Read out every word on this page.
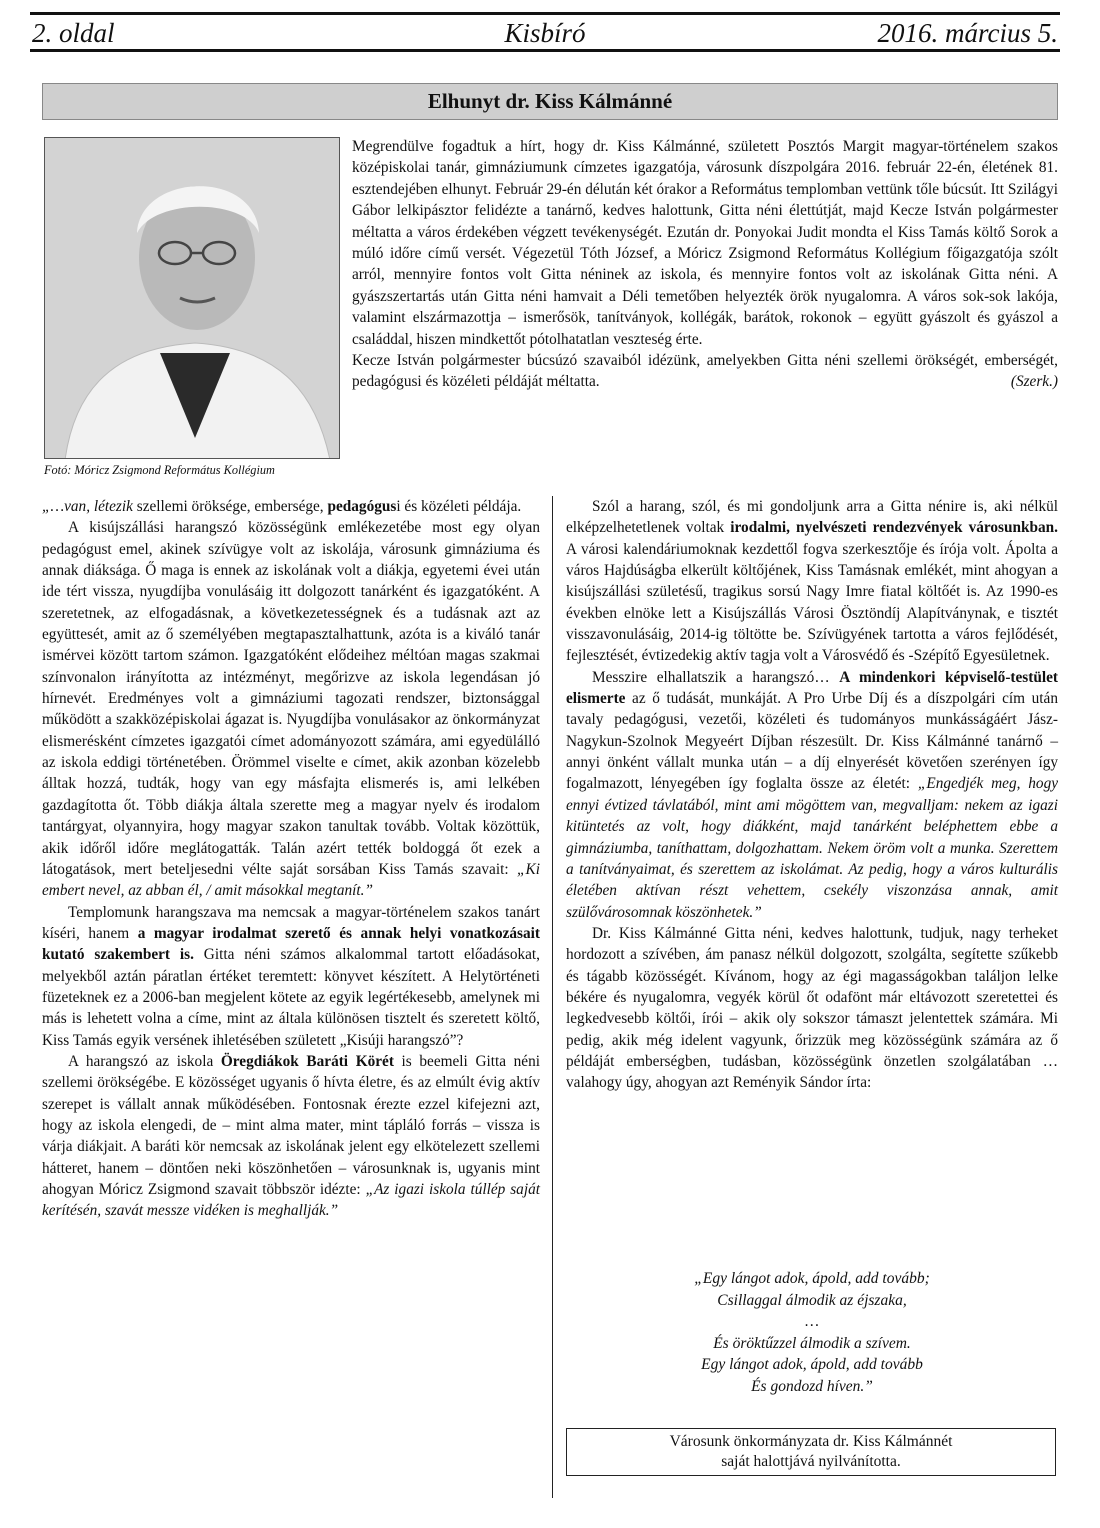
2. oldal	Kisbíró	2016. március 5.
Elhunyt dr. Kiss Kálmánné
Fotó: Móricz Zsigmond Református Kollégium

Megrendülve fogadtuk a hírt, hogy dr. Kiss Kálmánné, született Posztós Margit magyar-történelem szakos középiskolai tanár, gimnáziumunk címzetes igazgatója, városunk díszpolgára 2016. február 22-én, életének 81. esztendejében elhunyt. Február 29-én délután két órakor a Református templomban vettünk tőle búcsút. Itt Szilágyi Gábor lelkipásztor felidézte a tanárnő, kedves halottunk, Gitta néni élettútját, majd Kecze István polgármester méltatta a város érdekében végzett tevékenységét. Ezután dr. Ponyokai Judit mondta el Kiss Tamás költő Sorok a múló időre című versét. Végezetül Tóth József, a Móricz Zsigmond Református Kollégium főigazgatója szólt arról, mennyire fontos volt Gitta néninek az iskola, és mennyire fontos volt az iskolának Gitta néni. A gyászszertartás után Gitta néni hamvait a Déli temetőben helyezték örök nyugalomra. A város sok-sok lakója, valamint elszármazottja – ismerősök, tanítványok, kollégák, barátok, rokonok – együtt gyászolt és gyászol a családdal, hiszen mindkettőt pótolhatatlan veszteség érte.

Kecze István polgármester búcsúzó szavaiból idézünk, amelyekben Gitta néni szellemi örökségét, emberségét, pedagógusi és közéleti példáját méltatta.	(Szerk.)

„…van, létezik szellemi öröksége, embersége, pedagógusi és közéleti példája.

A kisújszállási harangszó közösségünk emlékezetébe most egy olyan pedagógust emel, akinek szívügye volt az iskolája, városunk gimnáziuma és annak diáksága. Ő maga is ennek az iskolának volt a diákja, egyetemi évei után ide tért vissza, nyugdíjba vonulásáig itt dolgozott tanárként és igazgatóként. A szeretetnek, az elfogadásnak, a következetességnek és a tudásnak azt az együttesét, amit az ő személyében megtapasztalhattunk, azóta is a kiváló tanár ismérvei között tartom számon. Igazgatóként elődeihez méltóan magas szakmai színvonalon irányította az intézményt, megőrizve az iskola legendásan jó hírnevét. Eredményes volt a gimnáziumi tagozati rendszer, biztonsággal működött a szakközépiskolai ágazat is. Nyugdíjba vonulásakor az önkormányzat elismerésként címzetes igazgatói címet adományozott számára, ami egyedülálló az iskola eddigi történetében. Örömmel viselte e címet, akik azonban közelebb álltak hozzá, tudták, hogy van egy másfajta elismerés is, ami lelkében gazdagította őt. Több diákja általa szerette meg a magyar nyelv és irodalom tantárgyat, olyannyira, hogy magyar szakon tanultak tovább. Voltak közöttük, akik időről időre meglátogatták. Talán azért tették boldoggá őt ezek a látogatások, mert beteljesedni vélte saját sorsában Kiss Tamás szavait: „Ki embert nevel, az abban él, / amit másokkal megtanít.”

Templomunk harangszava ma nemcsak a magyar-történelem szakos tanárt kíséri, hanem a magyar irodalmat szerető és annak helyi vonatkozásait kutató szakembert is. Gitta néni számos alkalommal tartott előadásokat, melyekből aztán páratlan értéket teremtett: könyvet készített. A Helytörténeti füzeteknek ez a 2006-ban megjelent kötete az egyik legértékesebb, amelynek mi más is lehetett volna a címe, mint az általa különösen tisztelt és szeretett költő, Kiss Tamás egyik versének ihletésében született „Kisúji harangszó”?

A harangszó az iskola Öregdiákok Baráti Körét is beemeli Gitta néni szellemi örökségébe. E közösséget ugyanis ő hívta életre, és az elmúlt évig aktív szerepet is vállalt annak működésében. Fontosnak érezte ezzel kifejezni azt, hogy az iskola elengedi, de – mint alma mater, mint tápláló forrás – vissza is várja diákjait. A baráti kör nemcsak az iskolának jelent egy elkötelezett szellemi hátteret, hanem – döntően neki köszönhetően – városunknak is, ugyanis mint ahogyan Móricz Zsigmond szavait többször idézte: „Az igazi iskola túllép saját kerítésén, szavát messze vidéken is meghallják.”

Szól a harang, szól, és mi gondoljunk arra a Gitta nénire is, aki nélkül elképzelhetetlenek voltak irodalmi, nyelvészeti rendezvények városunkban. A városi kalendáriumoknak kezdettől fogva szerkesztője és írója volt. Ápolta a város Hajdúságba elkerült költőjének, Kiss Tamásnak emlékét, mint ahogyan a kisújszállási születésű, tragikus sorsú Nagy Imre fiatal költőét is. Az 1990-es években elnöke lett a Kisújszállás Városi Ösztöndíj Alapítványnak, e tisztét visszavonulásáig, 2014-ig töltötte be. Szívügyének tartotta a város fejlődését, fejlesztését, évtizedekig aktív tagja volt a Városvédő és -Szépítő Egyesületnek.

Messzire elhallatszik a harangszó… A mindenkori képviselő-testület elismerte az ő tudását, munkáját. A Pro Urbe Díj és a díszpolgári cím után tavaly pedagógusi, vezetői, közéleti és tudományos munkásságáért Jász-Nagykun-Szolnok Megyeért Díjban részesült. Dr. Kiss Kálmánné tanárnő – annyi önként vállalt munka után – a díj elnyerését követően szerényen így fogalmazott, lényegében így foglalta össze az életét: „Engedjék meg, hogy ennyi évtized távlatából, mint ami mögöttem van, megvalljam: nekem az igazi kitüntetés az volt, hogy diákként, majd tanárként beléphettem ebbe a gimnáziumba, taníthattam, dolgozhattam. Nekem öröm volt a munka. Szerettem a tanítványaimat, és szerettem az iskolámat. Az pedig, hogy a város kulturális életében aktívan részt vehettem, csekély viszonzása annak, amit szülővárosomnak köszönhetek.”

Dr. Kiss Kálmánné Gitta néni, kedves halottunk, tudjuk, nagy terheket hordozott a szívében, ám panasz nélkül dolgozott, szolgálta, segítette szűkebb és tágabb közösségét. Kívánom, hogy az égi magasságokban találjon lelke békére és nyugalomra, vegyék körül őt odafönt már eltávozott szeretettei és legkedvesebb költői, írói – akik oly sokszor támaszt jelentettek számára. Mi pedig, akik még idelent vagyunk, őrizzük meg közösségünk számára az ő példáját emberségben, tudásban, közösségünk önzetlen szolgálatában … valahogy úgy, ahogyan azt Reményik Sándor írta:

„Egy lángot adok, ápold, add tovább;
Csillaggal álmodik az éjszaka,
…
És öröktűzzel álmodik a szívem.
Egy lángot adok, ápold, add tovább
És gondozd híven.”
Városunk önkormányzata dr. Kiss Kálmánnét
saját halottjává nyilvánította.
